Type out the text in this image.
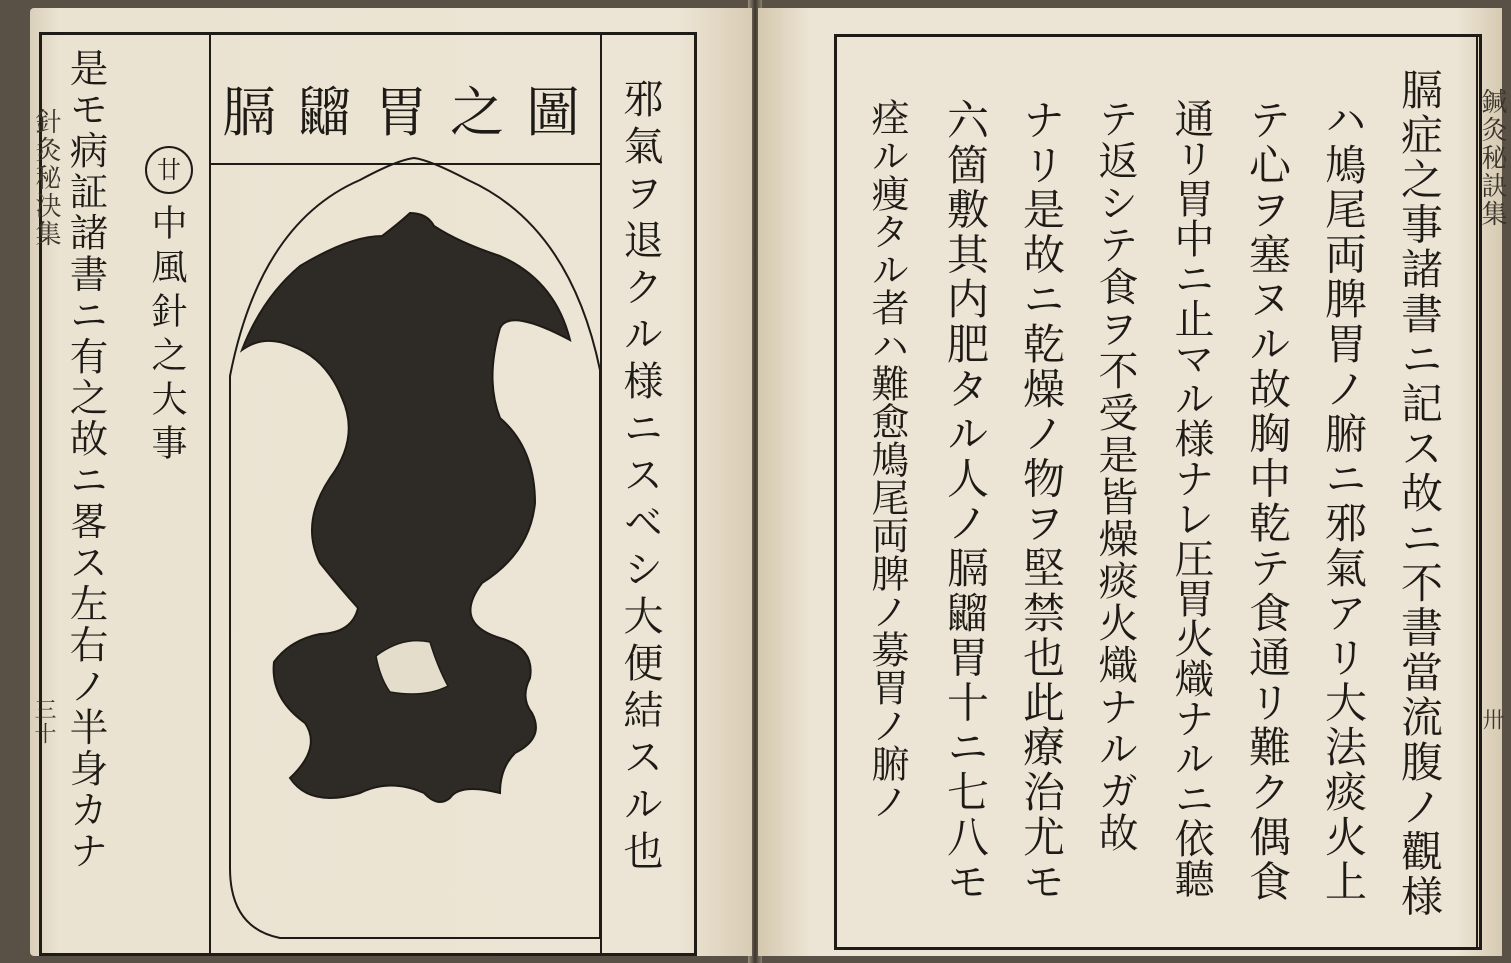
針灸秘決集
三十 是モ病証諸書ニ有之故ニ畧ス左右ノ半身カナ 膈䶉胃之圖
廿
中風針之大事	邪氣ヲ退クル様ニスベシ大便結スル也	鍼灸秘訣集
卅
膈症之事諸書ニ記ス故ニ不書當流腹ノ觀様
ハ鳩尾両脾胃ノ腑ニ邪氣アリ大法痰火上
テ心ヲ塞ヌル故胸中乾テ食通リ難ク偶食
通リ胃中ニ止マル様ナレ圧胃火熾ナルニ依聽
テ返シテ食ヲ不受是皆燥痰火熾ナルガ故
ナリ是故ニ乾燥ノ物ヲ堅禁也此療治尤モ
六箇敷其内肥タル人ノ膈䶉胃十ニ七八モ
痊ル痩タル者ハ難愈鳩尾両脾ノ募胃ノ腑ノ
